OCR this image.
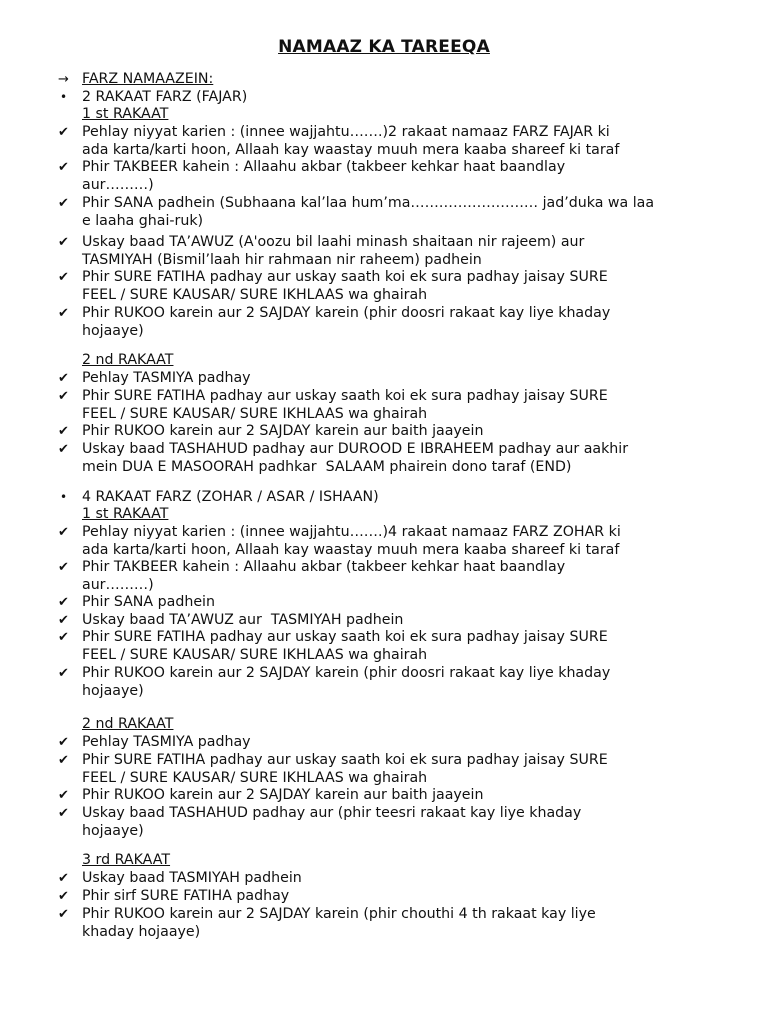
NAMAAZ KA TAREEQA
→ FARZ NAMAAZEIN:
•	2 RAKAAT FARZ (FAJAR)
1 st RAKAAT
✔ Pehlay niyyat karien : (innee wajjahtu…….)2 rakaat namaaz FARZ FAJAR ki
ada karta/karti hoon, Allaah kay waastay muuh mera kaaba shareef ki taraf
✔ Phir TAKBEER kahein : Allaahu akbar (takbeer kehkar haat baandlay
aur………)
✔ Phir SANA padhein (Subhaana kal’laa hum’ma……………………… jad’duka wa laa
e laaha ghai-ruk)
✔ Uskay baad TA’AWUZ (A'oozu bil laahi minash shaitaan nir rajeem) aur
TASMIYAH (Bismil’laah hir rahmaan nir raheem) padhein
✔ Phir SURE FATIHA padhay aur uskay saath koi ek sura padhay jaisay SURE
FEEL / SURE KAUSAR/ SURE IKHLAAS wa ghairah
✔ Phir RUKOO karein aur 2 SAJDAY karein (phir doosri rakaat kay liye khaday
hojaaye)
2 nd RAKAAT
✔ Pehlay TASMIYA padhay
✔ Phir SURE FATIHA padhay aur uskay saath koi ek sura padhay jaisay SURE
FEEL / SURE KAUSAR/ SURE IKHLAAS wa ghairah
✔ Phir RUKOO karein aur 2 SAJDAY karein aur baith jaayein
✔ Uskay baad TASHAHUD padhay aur DUROOD E IBRAHEEM padhay aur aakhir
mein DUA E MASOORAH padhkar  SALAAM phairein dono taraf (END)
•	4 RAKAAT FARZ (ZOHAR / ASAR / ISHAAN)
1 st RAKAAT
✔ Pehlay niyyat karien : (innee wajjahtu…….)4 rakaat namaaz FARZ ZOHAR ki
ada karta/karti hoon, Allaah kay waastay muuh mera kaaba shareef ki taraf
✔ Phir TAKBEER kahein : Allaahu akbar (takbeer kehkar haat baandlay
aur………)
✔ Phir SANA padhein
✔ Uskay baad TA’AWUZ aur  TASMIYAH padhein
✔ Phir SURE FATIHA padhay aur uskay saath koi ek sura padhay jaisay SURE
FEEL / SURE KAUSAR/ SURE IKHLAAS wa ghairah
✔ Phir RUKOO karein aur 2 SAJDAY karein (phir doosri rakaat kay liye khaday
hojaaye)
2 nd RAKAAT
✔ Pehlay TASMIYA padhay
✔ Phir SURE FATIHA padhay aur uskay saath koi ek sura padhay jaisay SURE
FEEL / SURE KAUSAR/ SURE IKHLAAS wa ghairah
✔ Phir RUKOO karein aur 2 SAJDAY karein aur baith jaayein
✔ Uskay baad TASHAHUD padhay aur (phir teesri rakaat kay liye khaday
hojaaye)
3 rd RAKAAT
✔ Uskay baad TASMIYAH padhein
✔ Phir sirf SURE FATIHA padhay
✔ Phir RUKOO karein aur 2 SAJDAY karein (phir chouthi 4 th rakaat kay liye
khaday hojaaye)
